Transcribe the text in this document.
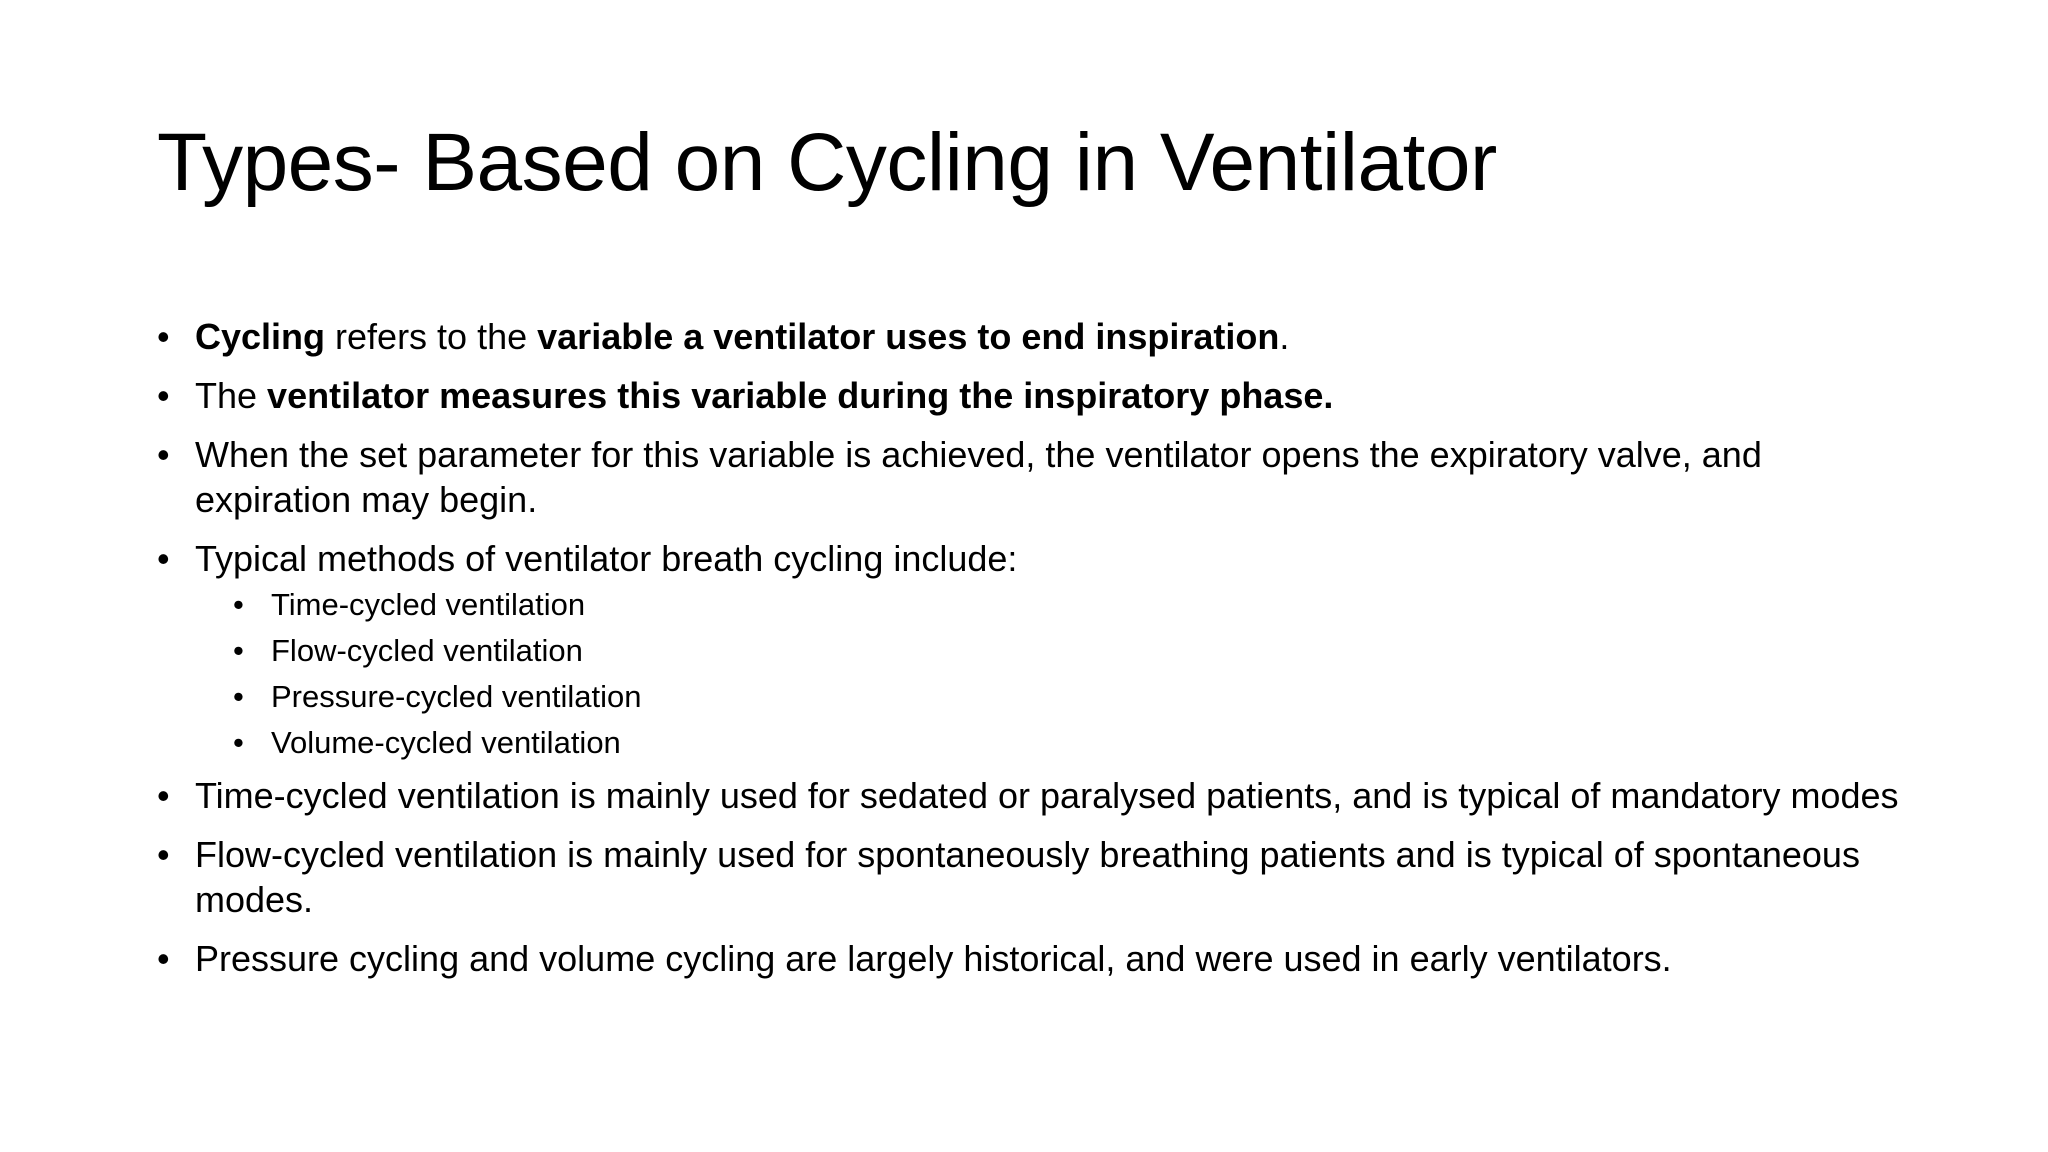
Types- Based on Cycling in Ventilator
• Cycling refers to the variable a ventilator uses to end inspiration.
• The ventilator measures this variable during the inspiratory phase.
• When the set parameter for this variable is achieved, the ventilator opens the expiratory valve, and expiration may begin.
• Typical methods of ventilator breath cycling include:
• Time-cycled ventilation
• Flow-cycled ventilation
• Pressure-cycled ventilation
• Volume-cycled ventilation
• Time-cycled ventilation is mainly used for sedated or paralysed patients, and is typical of mandatory modes
• Flow-cycled ventilation is mainly used for spontaneously breathing patients and is typical of spontaneous modes.
• Pressure cycling and volume cycling are largely historical, and were used in early ventilators.
